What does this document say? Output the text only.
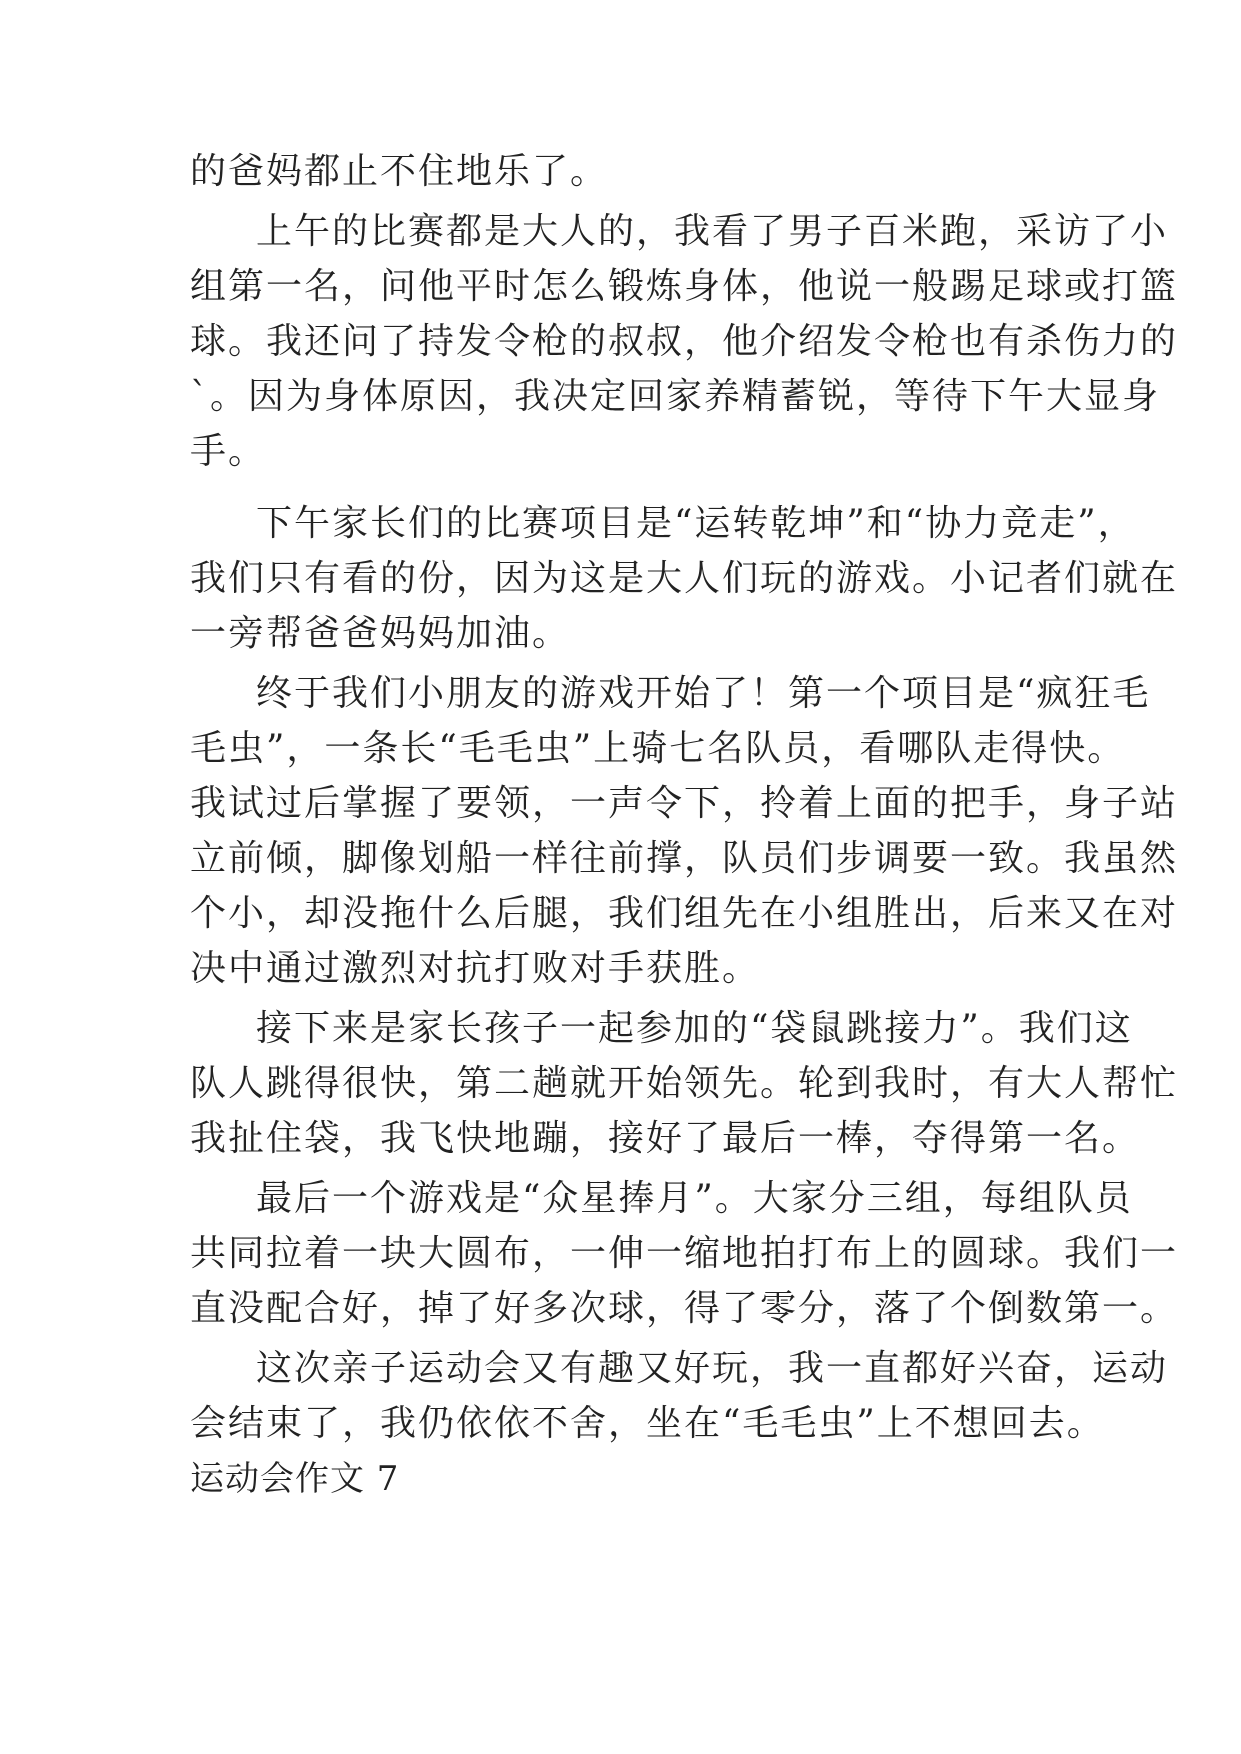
的爸妈都止不住地乐了。
上午的比赛都是大人的，我看了男子百米跑，采访了小
组第一名，问他平时怎么锻炼身体，他说一般踢足球或打篮
球。我还问了持发令枪的叔叔，他介绍发令枪也有杀伤力的
`。因为身体原因，我决定回家养精蓄锐，等待下午大显身
手。
下午家长们的比赛项目是“运转乾坤”和“协力竞走”，
我们只有看的份，因为这是大人们玩的游戏。小记者们就在
一旁帮爸爸妈妈加油。
终于我们小朋友的游戏开始了！第一个项目是“疯狂毛
毛虫”，一条长“毛毛虫”上骑七名队员，看哪队走得快。
我试过后掌握了要领，一声令下，拎着上面的把手，身子站
立前倾，脚像划船一样往前撑，队员们步调要一致。我虽然
个小，却没拖什么后腿，我们组先在小组胜出，后来又在对
决中通过激烈对抗打败对手获胜。
接下来是家长孩子一起参加的“袋鼠跳接力”。我们这
队人跳得很快，第二趟就开始领先。轮到我时，有大人帮忙
我扯住袋，我飞快地蹦，接好了最后一棒，夺得第一名。
最后一个游戏是“众星捧月”。大家分三组，每组队员
共同拉着一块大圆布，一伸一缩地拍打布上的圆球。我们一
直没配合好，掉了好多次球，得了零分，落了个倒数第一。
这次亲子运动会又有趣又好玩，我一直都好兴奋，运动
会结束了，我仍依依不舍，坐在“毛毛虫”上不想回去。
运动会作文 7
